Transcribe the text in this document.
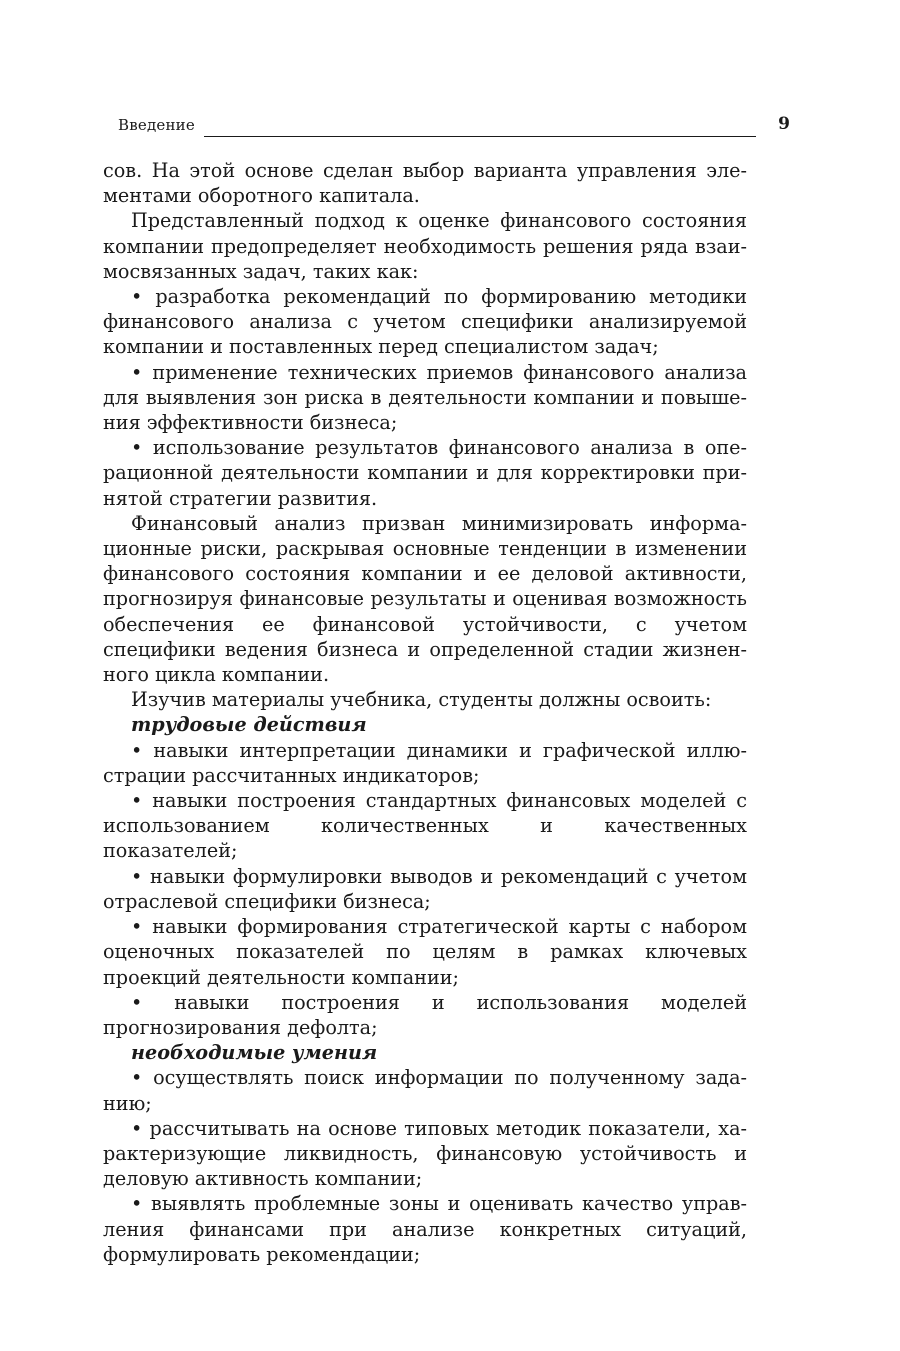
Введение	9

сов. На этой основе сделан выбор варианта управления элементами оборотного капитала.

Представленный подход к оценке финансового состояния компании предопределяет необходимость решения ряда взаимосвязанных задач, таких как:

• разработка рекомендаций по формированию методики финансового анализа с учетом специфики анализируемой компании и поставленных перед специалистом задач;

• применение технических приемов финансового анализа для выявления зон риска в деятельности компании и повышения эффективности бизнеса;

• использование результатов финансового анализа в операционной деятельности компании и для корректировки принятой стратегии развития.

Финансовый анализ призван минимизировать информационные риски, раскрывая основные тенденции в изменении финансового состояния компании и ее деловой активности, прогнозируя финансовые результаты и оценивая возможность обеспечения ее финансовой устойчивости, с учетом специфики ведения бизнеса и определенной стадии жизненного цикла компании.

Изучив материалы учебника, студенты должны освоить:

трудовые действия

• навыки интерпретации динамики и графической иллюстрации рассчитанных индикаторов;

• навыки построения стандартных финансовых моделей с использованием количественных и качественных показателей;

• навыки формулировки выводов и рекомендаций с учетом отраслевой специфики бизнеса;

• навыки формирования стратегической карты с набором оценочных показателей по целям в рамках ключевых проекций деятельности компании;

• навыки построения и использования моделей прогнозирования дефолта;

необходимые умения

• осуществлять поиск информации по полученному заданию;

• рассчитывать на основе типовых методик показатели, характеризующие ликвидность, финансовую устойчивость и деловую активность компании;

• выявлять проблемные зоны и оценивать качество управления финансами при анализе конкретных ситуаций, формулировать рекомендации;
